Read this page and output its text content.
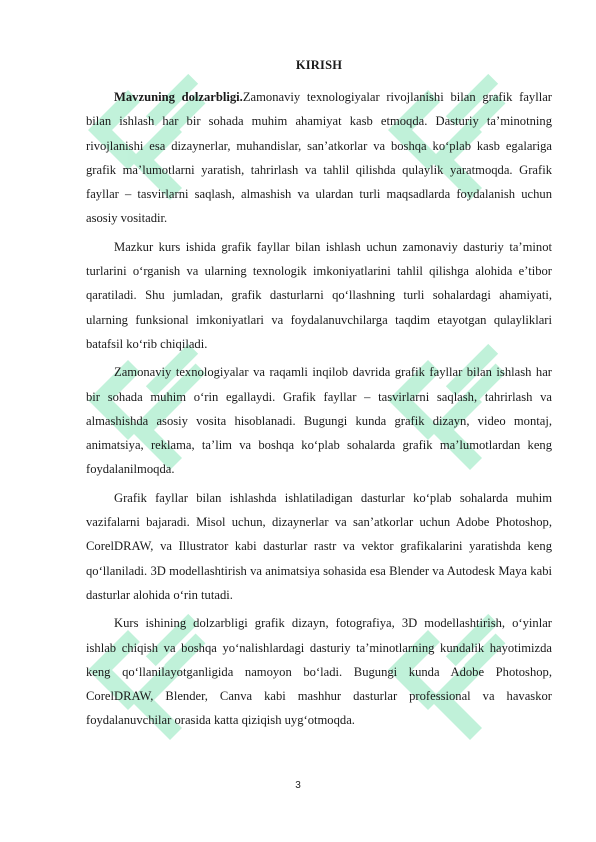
KIRISH

Mavzuning dolzarbligi.Zamonaviy texnologiyalar rivojlanishi bilan grafik fayllar bilan ishlash har bir sohada muhim ahamiyat kasb etmoqda. Dasturiy ta’minotning rivojlanishi esa dizaynerlar, muhandislar, san’atkorlar va boshqa ko‘plab kasb egalariga grafik ma’lumotlarni yaratish, tahrirlash va tahlil qilishda qulaylik yaratmoqda. Grafik fayllar – tasvirlarni saqlash, almashish va ulardan turli maqsadlarda foydalanish uchun asosiy vositadir.

Mazkur kurs ishida grafik fayllar bilan ishlash uchun zamonaviy dasturiy ta’minot turlarini o‘rganish va ularning texnologik imkoniyatlarini tahlil qilishga alohida e’tibor qaratiladi. Shu jumladan, grafik dasturlarni qo‘llashning turli sohalardagi ahamiyati, ularning funksional imkoniyatlari va foydalanuvchilarga taqdim etayotgan qulayliklari batafsil ko‘rib chiqiladi.

Zamonaviy texnologiyalar va raqamli inqilob davrida grafik fayllar bilan ishlash har bir sohada muhim o‘rin egallaydi. Grafik fayllar – tasvirlarni saqlash, tahrirlash va almashishda asosiy vosita hisoblanadi. Bugungi kunda grafik dizayn, video montaj, animatsiya, reklama, ta’lim va boshqa ko‘plab sohalarda grafik ma’lumotlardan keng foydalanilmoqda.

Grafik fayllar bilan ishlashda ishlatiladigan dasturlar ko‘plab sohalarda muhim vazifalarni bajaradi. Misol uchun, dizaynerlar va san’atkorlar uchun Adobe Photoshop, CorelDRAW, va Illustrator kabi dasturlar rastr va vektor grafikalarini yaratishda keng qo‘llaniladi. 3D modellashtirish va animatsiya sohasida esa Blender va Autodesk Maya kabi dasturlar alohida o‘rin tutadi.

Kurs ishining dolzarbligi grafik dizayn, fotografiya, 3D modellashtirish, o‘yinlar ishlab chiqish va boshqa yo‘nalishlardagi dasturiy ta’minotlarning kundalik hayotimizda keng qo‘llanilayotganligida namoyon bo‘ladi. Bugungi kunda Adobe Photoshop, CorelDRAW, Blender, Canva kabi mashhur dasturlar professional va havaskor foydalanuvchilar orasida katta qiziqish uyg‘otmoqda.

3
